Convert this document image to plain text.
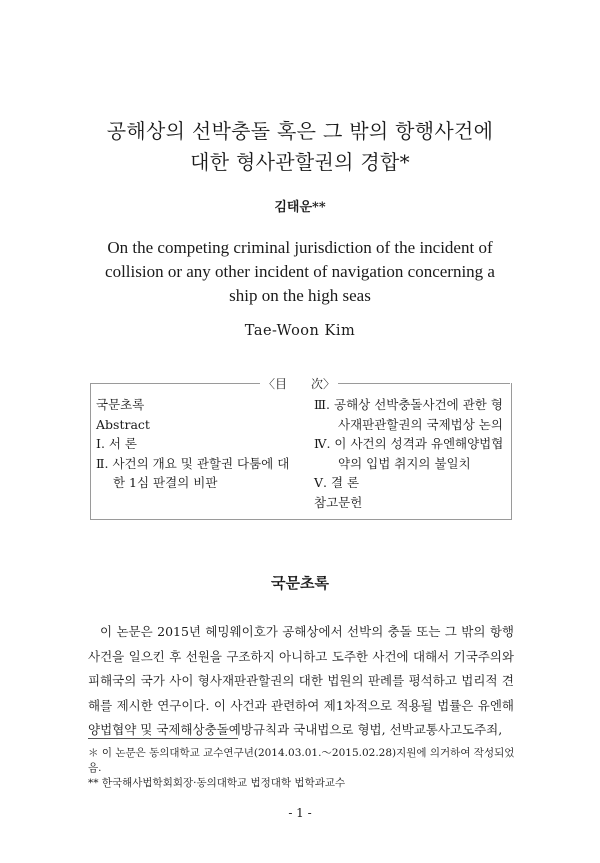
공해상의 선박충돌 혹은 그 밖의 항행사건에
대한 형사관할권의 경합*
김태운**
On the competing criminal jurisdiction of the incident of
collision or any other incident of navigation concerning a
ship on the high seas
Tae-Woon Kim
〈目　　次〉
국문초록
Abstract
Ⅰ. 서 론
Ⅱ. 사건의 개요 및 관할권 다툼에 대
한 1심 판결의 비판
Ⅲ. 공해상 선박충돌사건에 관한 형
사재판관할권의 국제법상 논의
Ⅳ. 이 사건의 성격과 유엔해양법협
약의 입법 취지의 불일치
Ⅴ. 결 론
참고문헌
국문초록
이 논문은 2015년 헤밍웨이호가 공해상에서 선박의 충돌 또는 그 밖의 항행사건을 일으킨 후 선원을 구조하지 아니하고 도주한 사건에 대해서 기국주의와 피해국의 국가 사이 형사재판관할권의 대한 법원의 판례를 평석하고 법리적 견해를 제시한 연구이다. 이 사건과 관련하여 제1차적으로 적용될 법률은 유엔해양법협약 및 국제해상충돌예방규칙과 국내법으로 형법, 선박교통사고도주죄,
＊ 이 논문은 동의대학교 교수연구년(2014.03.01.～2015.02.28)지원에 의거하여 작성되었음.
** 한국해사법학회회장·동의대학교 법정대학 법학과교수
- 1 -
